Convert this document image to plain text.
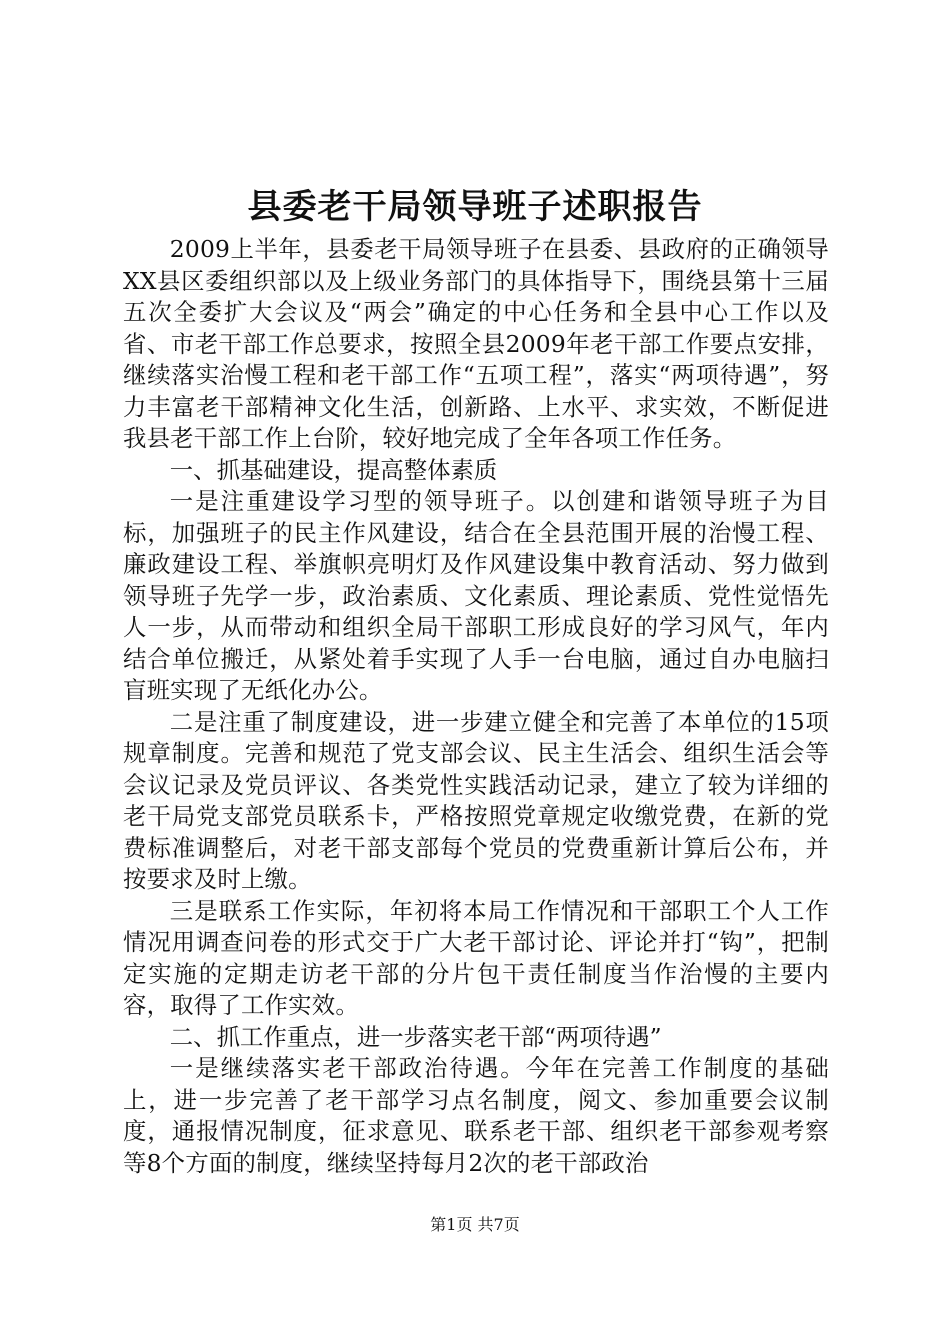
县委老干局领导班子述职报告

2009上半年，县委老干局领导班子在县委、县政府的正确领导XX县区委组织部以及上级业务部门的具体指导下，围绕县第十三届五次全委扩大会议及“两会”确定的中心任务和全县中心工作以及省、市老干部工作总要求，按照全县2009年老干部工作要点安排，继续落实治慢工程和老干部工作“五项工程”，落实“两项待遇”，努力丰富老干部精神文化生活，创新路、上水平、求实效，不断促进我县老干部工作上台阶，较好地完成了全年各项工作任务。

一、抓基础建设，提高整体素质

一是注重建设学习型的领导班子。以创建和谐领导班子为目标，加强班子的民主作风建设，结合在全县范围开展的治慢工程、廉政建设工程、举旗帜亮明灯及作风建设集中教育活动、努力做到领导班子先学一步，政治素质、文化素质、理论素质、党性觉悟先人一步，从而带动和组织全局干部职工形成良好的学习风气，年内结合单位搬迁，从紧处着手实现了人手一台电脑，通过自办电脑扫盲班实现了无纸化办公。

二是注重了制度建设，进一步建立健全和完善了本单位的15项规章制度。完善和规范了党支部会议、民主生活会、组织生活会等会议记录及党员评议、各类党性实践活动记录，建立了较为详细的老干局党支部党员联系卡，严格按照党章规定收缴党费，在新的党费标准调整后，对老干部支部每个党员的党费重新计算后公布，并按要求及时上缴。

三是联系工作实际，年初将本局工作情况和干部职工个人工作情况用调查问卷的形式交于广大老干部讨论、评论并打“钩”，把制定实施的定期走访老干部的分片包干责任制度当作治慢的主要内容，取得了工作实效。

二、抓工作重点，进一步落实老干部“两项待遇”

一是继续落实老干部政治待遇。今年在完善工作制度的基础上，进一步完善了老干部学习点名制度，阅文、参加重要会议制度，通报情况制度，征求意见、联系老干部、组织老干部参观考察等8个方面的制度，继续坚持每月2次的老干部政治

第1页 共7页
